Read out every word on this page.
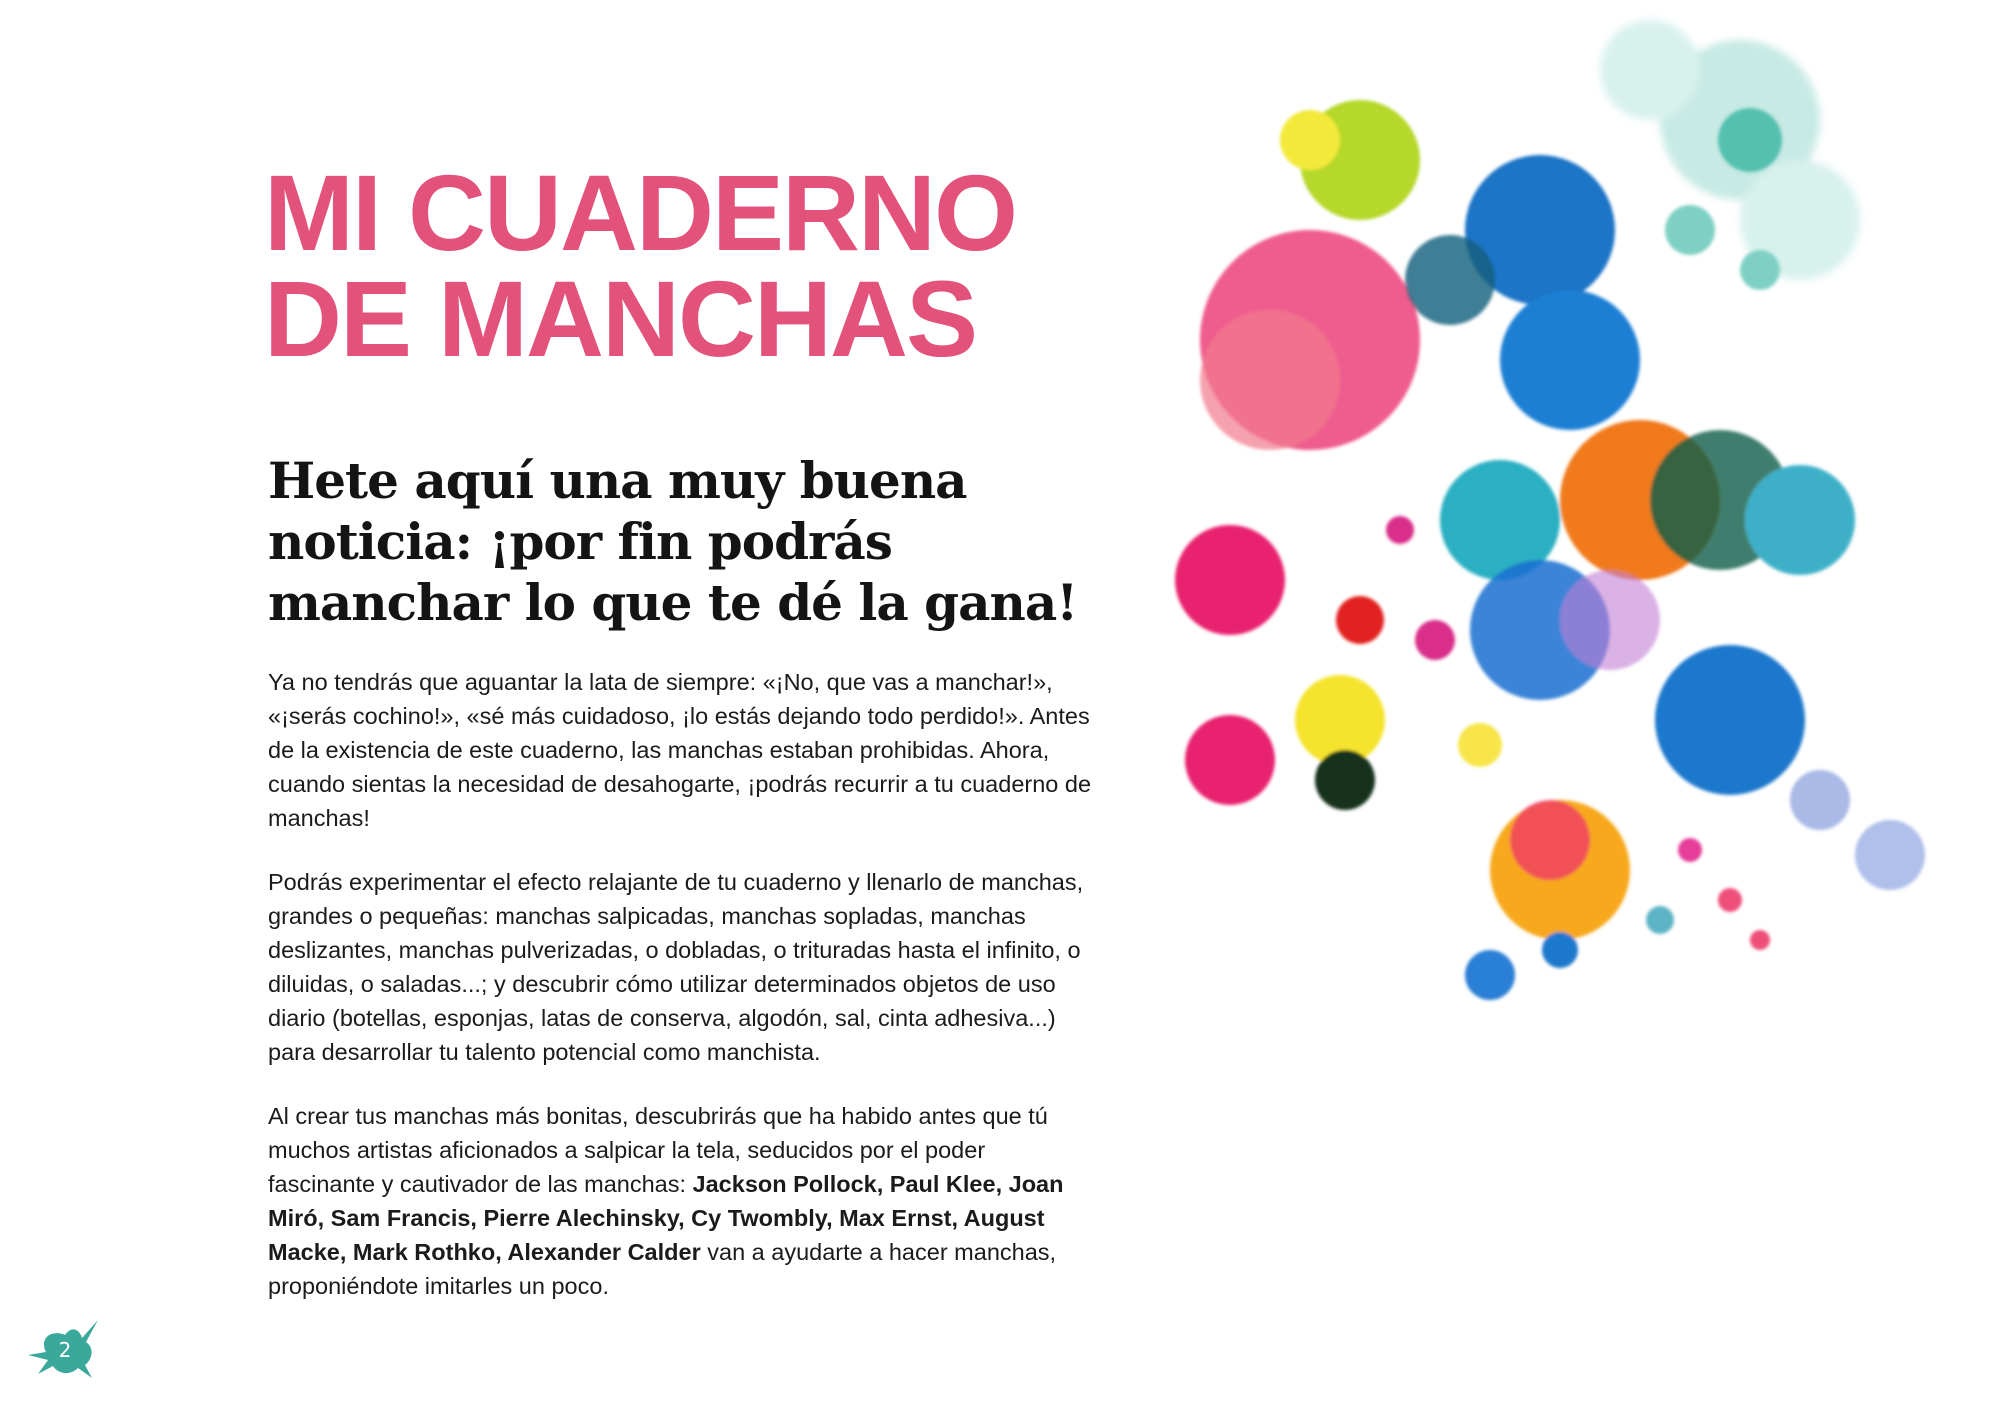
MI CUADERNO
DE MANCHAS
Hete aquí una muy buena noticia: ¡por fin podrás manchar lo que te dé la gana!

Ya no tendrás que aguantar la lata de siempre: «¡No, que vas a manchar!», «¡serás cochino!», «sé más cuidadoso, ¡lo estás dejando todo perdido!». Antes de la existencia de este cuaderno, las manchas estaban prohibidas. Ahora, cuando sientas la necesidad de desahogarte, ¡podrás recurrir a tu cuaderno de manchas!

Podrás experimentar el efecto relajante de tu cuaderno y llenarlo de manchas, grandes o pequeñas: manchas salpicadas, manchas sopladas, manchas deslizantes, manchas pulverizadas, o dobladas, o trituradas hasta el infinito, o diluidas, o saladas...; y descubrir cómo utilizar determinados objetos de uso diario (botellas, esponjas, latas de conserva, algodón, sal, cinta adhesiva...) para desarrollar tu talento potencial como manchista.

Al crear tus manchas más bonitas, descubrirás que ha habido antes que tú muchos artistas aficionados a salpicar la tela, seducidos por el poder fascinante y cautivador de las manchas: Jackson Pollock, Paul Klee, Joan Miró, Sam Francis, Pierre Alechinsky, Cy Twombly, Max Ernst, August Macke, Mark Rothko, Alexander Calder van a ayudarte a hacer manchas, proponiéndote imitarles un poco.

2
